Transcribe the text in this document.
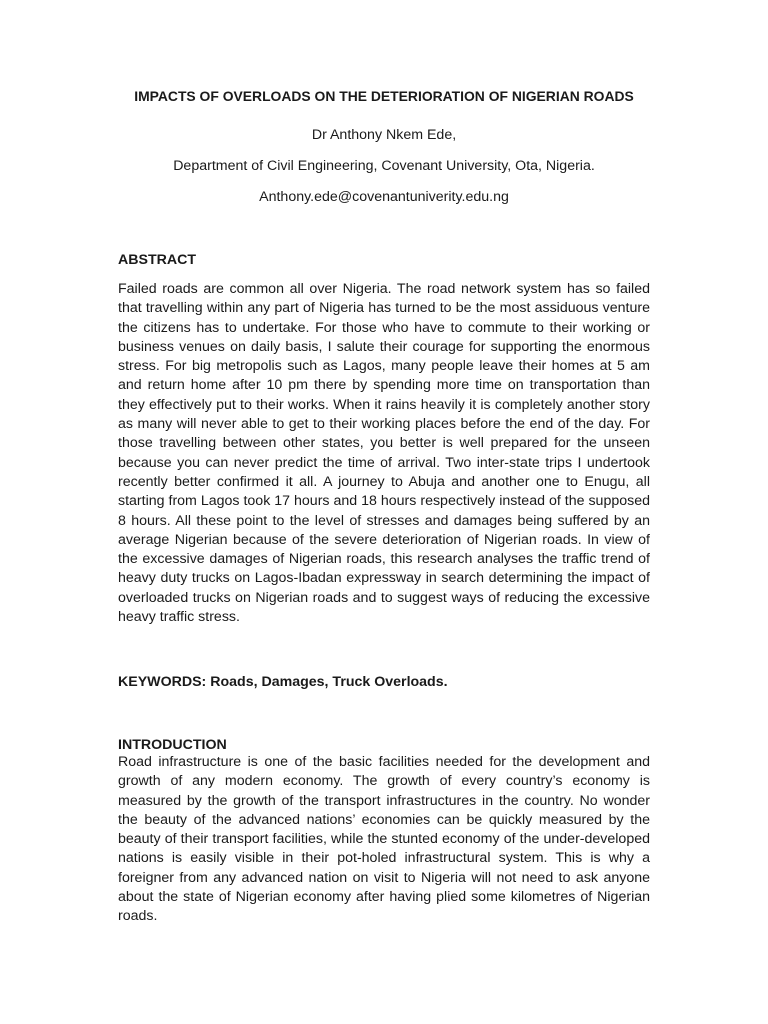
IMPACTS OF OVERLOADS ON THE DETERIORATION OF NIGERIAN ROADS
Dr Anthony Nkem Ede,
Department of Civil Engineering, Covenant University, Ota, Nigeria.
Anthony.ede@covenantuniverity.edu.ng
ABSTRACT
Failed roads are common all over Nigeria. The road network system has so failed that travelling within any part of Nigeria has turned to be the most assiduous venture the citizens has to undertake. For those who have to commute to their working or business venues on daily basis, I salute their courage for supporting the enormous stress. For big metropolis such as Lagos, many people leave their homes at 5 am and return home after 10 pm there by spending more time on transportation than they effectively put to their works. When it rains heavily it is completely another story as many will never able to get to their working places before the end of the day. For those travelling between other states, you better is well prepared for the unseen because you can never predict the time of arrival. Two inter-state trips I undertook recently better confirmed it all. A journey to Abuja and another one to Enugu, all starting from Lagos took 17 hours and 18 hours respectively instead of the supposed 8 hours. All these point to the level of stresses and damages being suffered by an average Nigerian because of the severe deterioration of Nigerian roads. In view of the excessive damages of Nigerian roads, this research analyses the traffic trend of heavy duty trucks on Lagos-Ibadan expressway in search determining the impact of overloaded trucks on Nigerian roads and to suggest ways of reducing the excessive heavy traffic stress.
KEYWORDS: Roads, Damages, Truck Overloads.
INTRODUCTION
Road infrastructure is one of the basic facilities needed for the development and growth of any modern economy. The growth of every country’s economy is measured by the growth of the transport infrastructures in the country. No wonder the beauty of the advanced nations’ economies can be quickly measured by the beauty of their transport facilities, while the stunted economy of the under-developed nations is easily visible in their pot-holed infrastructural system. This is why a foreigner from any advanced nation on visit to Nigeria will not need to ask anyone about the state of Nigerian economy after having plied some kilometres of Nigerian roads.
